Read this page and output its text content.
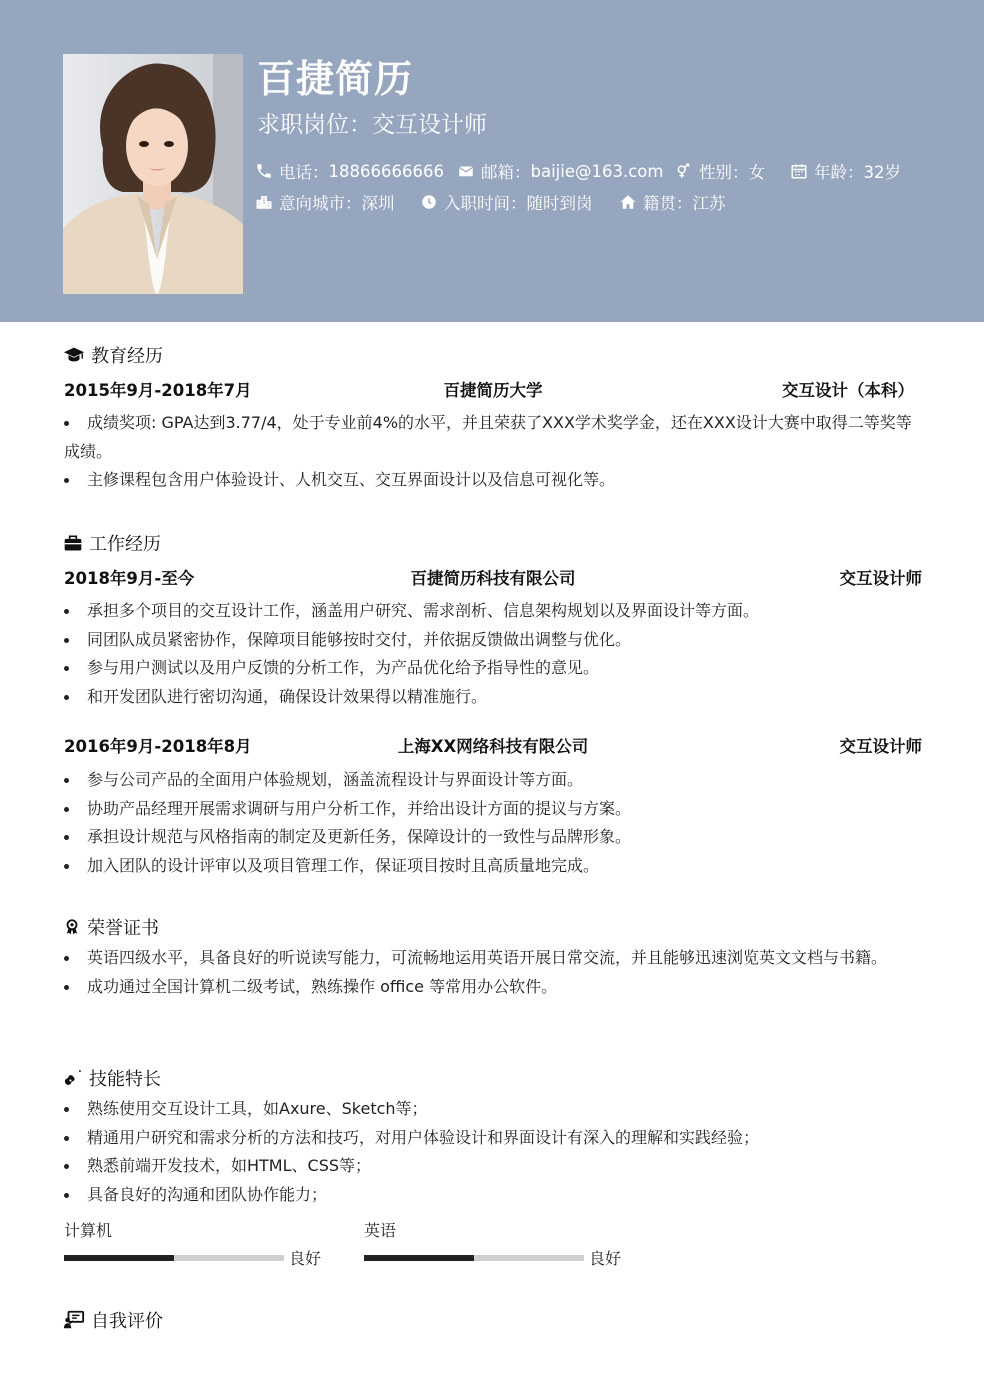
百捷简历
求职岗位：交互设计师
电话： 18866666666 邮箱： baijie@163.com 性别： 女	年龄： 32岁
意向城市： 深圳	入职时间： 随时到岗	籍贯： 江苏
教育经历
2015年9月-2018年7月	百捷简历大学	交互设计（本科）
成绩奖项: GPA达到3.77/4，处于专业前4%的水平，并且荣获了XXX学术奖学金，还在XXX设计大赛中取得二等奖等成绩。
主修课程包含用户体验设计、人机交互、交互界面设计以及信息可视化等。
工作经历
2018年9月-至今	百捷简历科技有限公司	交互设计师
承担多个项目的交互设计工作，涵盖用户研究、需求剖析、信息架构规划以及界面设计等方面。
同团队成员紧密协作，保障项目能够按时交付，并依据反馈做出调整与优化。
参与用户测试以及用户反馈的分析工作，为产品优化给予指导性的意见。
和开发团队进行密切沟通，确保设计效果得以精准施行。
2016年9月-2018年8月	上海XX网络科技有限公司	交互设计师
参与公司产品的全面用户体验规划，涵盖流程设计与界面设计等方面。
协助产品经理开展需求调研与用户分析工作，并给出设计方面的提议与方案。
承担设计规范与风格指南的制定及更新任务，保障设计的一致性与品牌形象。
加入团队的设计评审以及项目管理工作，保证项目按时且高质量地完成。
荣誉证书
英语四级水平，具备良好的听说读写能力，可流畅地运用英语开展日常交流，并且能够迅速浏览英文文档与书籍。
成功通过全国计算机二级考试，熟练操作 office 等常用办公软件。
技能特长
熟练使用交互设计工具，如Axure、Sketch等；
精通用户研究和需求分析的方法和技巧，对用户体验设计和界面设计有深入的理解和实践经验；
熟悉前端开发技术，如HTML、CSS等；
具备良好的沟通和团队协作能力；
计算机
良好
英语
良好
自我评价
